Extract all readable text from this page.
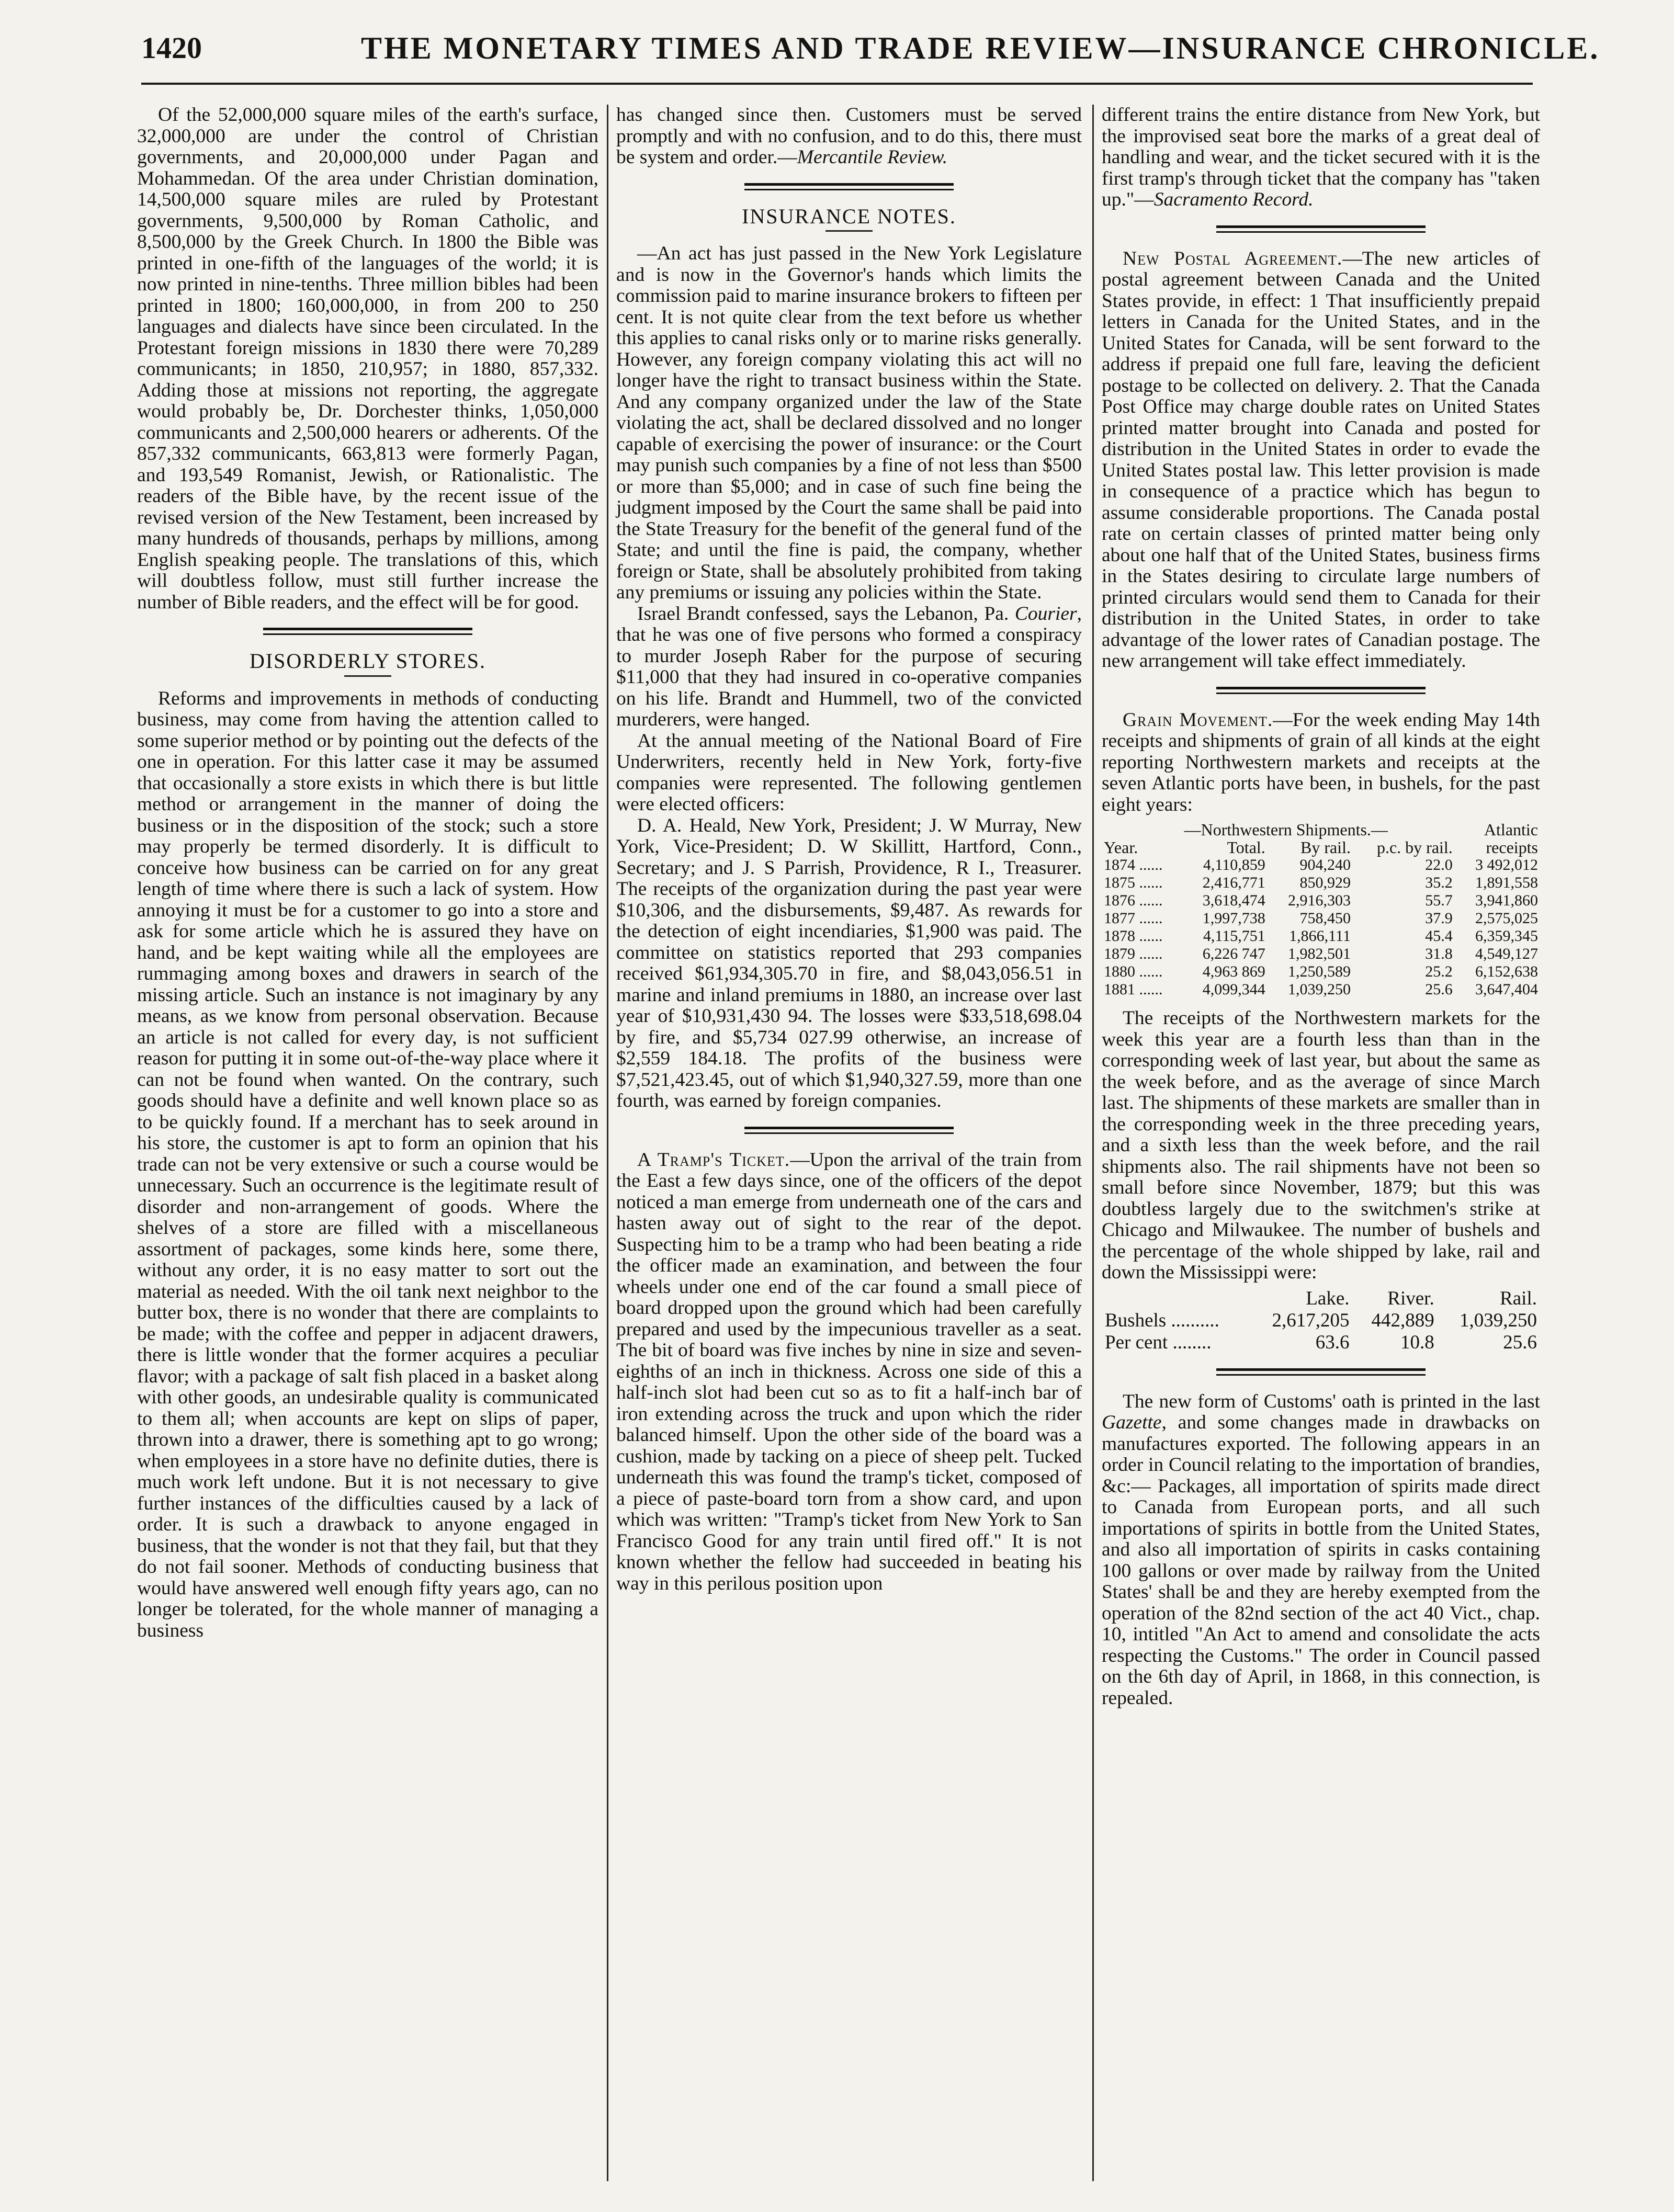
1420	THE MONETARY TIMES AND TRADE REVIEW—INSURANCE CHRONICLE.

Of the 52,000,000 square miles of the earth's surface, 32,000,000 are under the control of Christian governments, and 20,000,000 under Pagan and Mohammedan. Of the area under Christian domination, 14,500,000 square miles are ruled by Protestant governments, 9,500,000 by Roman Catholic, and 8,500,000 by the Greek Church. In 1800 the Bible was printed in one-fifth of the languages of the world; it is now printed in nine-tenths. Three million bibles had been printed in 1800; 160,000,000, in from 200 to 250 languages and dialects have since been circulated. In the Protestant foreign missions in 1830 there were 70,289 communicants; in 1850, 210,957; in 1880, 857,332. Adding those at missions not reporting, the aggregate would probably be, Dr. Dorchester thinks, 1,050,000 communicants and 2,500,000 hearers or adherents. Of the 857,332 communicants, 663,813 were formerly Pagan, and 193,549 Romanist, Jewish, or Rationalistic. The readers of the Bible have, by the recent issue of the revised version of the New Testament, been increased by many hundreds of thousands, perhaps by millions, among English speaking people. The translations of this, which will doubtless follow, must still further increase the number of Bible readers, and the effect will be for good.

DISORDERLY STORES.

Reforms and improvements in methods of conducting business, may come from having the attention called to some superior method or by pointing out the defects of the one in operation. For this latter case it may be assumed that occasionally a store exists in which there is but little method or arrangement in the manner of doing the business or in the disposition of the stock; such a store may properly be termed disorderly. It is difficult to conceive how business can be carried on for any great length of time where there is such a lack of system. How annoying it must be for a customer to go into a store and ask for some article which he is assured they have on hand, and be kept waiting while all the employees are rummaging among boxes and drawers in search of the missing article. Such an instance is not imaginary by any means, as we know from personal observation. Because an article is not called for every day, is not sufficient reason for putting it in some out-of-the-way place where it can not be found when wanted. On the contrary, such goods should have a definite and well known place so as to be quickly found. If a merchant has to seek around in his store, the customer is apt to form an opinion that his trade can not be very extensive or such a course would be unnecessary. Such an occurrence is the legitimate result of disorder and non-arrangement of goods. Where the shelves of a store are filled with a miscellaneous assortment of packages, some kinds here, some there, without any order, it is no easy matter to sort out the material as needed. With the oil tank next neighbor to the butter box, there is no wonder that there are complaints to be made; with the coffee and pepper in adjacent drawers, there is little wonder that the former acquires a peculiar flavor; with a package of salt fish placed in a basket along with other goods, an undesirable quality is communicated to them all; when accounts are kept on slips of paper, thrown into a drawer, there is something apt to go wrong; when employees in a store have no definite duties, there is much work left undone. But it is not necessary to give further instances of the difficulties caused by a lack of order. It is such a drawback to anyone engaged in business, that the wonder is not that they fail, but that they do not fail sooner. Methods of conducting business that would have answered well enough fifty years ago, can no longer be tolerated, for the whole manner of managing a business

has changed since then. Customers must be served promptly and with no confusion, and to do this, there must be system and order.—Mercantile Review.

INSURANCE NOTES.

—An act has just passed in the New York Legislature and is now in the Governor's hands which limits the commission paid to marine insurance brokers to fifteen per cent. It is not quite clear from the text before us whether this applies to canal risks only or to marine risks generally. However, any foreign company violating this act will no longer have the right to transact business within the State. And any company organized under the law of the State violating the act, shall be declared dissolved and no longer capable of exercising the power of insurance: or the Court may punish such companies by a fine of not less than $500 or more than $5,000; and in case of such fine being the judgment imposed by the Court the same shall be paid into the State Treasury for the benefit of the general fund of the State; and until the fine is paid, the company, whether foreign or State, shall be absolutely prohibited from taking any premiums or issuing any policies within the State.

Israel Brandt confessed, says the Lebanon, Pa. Courier, that he was one of five persons who formed a conspiracy to murder Joseph Raber for the purpose of securing $11,000 that they had insured in co-operative companies on his life. Brandt and Hummell, two of the convicted murderers, were hanged.

At the annual meeting of the National Board of Fire Underwriters, recently held in New York, forty-five companies were represented. The following gentlemen were elected officers:

D. A. Heald, New York, President; J. W Murray, New York, Vice-President; D. W Skillitt, Hartford, Conn., Secretary; and J. S Parrish, Providence, R I., Treasurer. The receipts of the organization during the past year were $10,306, and the disbursements, $9,487. As rewards for the detection of eight incendiaries, $1,900 was paid. The committee on statistics reported that 293 companies received $61,934,305.70 in fire, and $8,043,056.51 in marine and inland premiums in 1880, an increase over last year of $10,931,430 94. The losses were $33,518,698.04 by fire, and $5,734 027.99 otherwise, an increase of $2,559 184.18. The profits of the business were $7,521,423.45, out of which $1,940,327.59, more than one fourth, was earned by foreign companies.

A Tramp's Ticket.—Upon the arrival of the train from the East a few days since, one of the officers of the depot noticed a man emerge from underneath one of the cars and hasten away out of sight to the rear of the depot. Suspecting him to be a tramp who had been beating a ride the officer made an examination, and between the four wheels under one end of the car found a small piece of board dropped upon the ground which had been carefully prepared and used by the impecunious traveller as a seat. The bit of board was five inches by nine in size and seven-eighths of an inch in thickness. Across one side of this a half-inch slot had been cut so as to fit a half-inch bar of iron extending across the truck and upon which the rider balanced himself. Upon the other side of the board was a cushion, made by tacking on a piece of sheep pelt. Tucked underneath this was found the tramp's ticket, composed of a piece of paste-board torn from a show card, and upon which was written: "Tramp's ticket from New York to San Francisco Good for any train until fired off." It is not known whether the fellow had succeeded in beating his way in this perilous position upon

different trains the entire distance from New York, but the improvised seat bore the marks of a great deal of handling and wear, and the ticket secured with it is the first tramp's through ticket that the company has "taken up."—Sacramento Record.

New Postal Agreement.—The new articles of postal agreement between Canada and the United States provide, in effect: 1 That insufficiently prepaid letters in Canada for the United States, and in the United States for Canada, will be sent forward to the address if prepaid one full fare, leaving the deficient postage to be collected on delivery. 2. That the Canada Post Office may charge double rates on United States printed matter brought into Canada and posted for distribution in the United States in order to evade the United States postal law. This letter provision is made in consequence of a practice which has begun to assume considerable proportions. The Canada postal rate on certain classes of printed matter being only about one half that of the United States, business firms in the States desiring to circulate large numbers of printed circulars would send them to Canada for their distribution in the United States, in order to take advantage of the lower rates of Canadian postage. The new arrangement will take effect immediately.

Grain Movement.—For the week ending May 14th receipts and shipments of grain of all kinds at the eight reporting Northwestern markets and receipts at the seven Atlantic ports have been, in bushels, for the past eight years:

	—Northwestern Shipments.—			Atlantic
Year.	Total.	By rail.	p.c. by rail.	receipts
1874 ......	4,110,859	904,240	22.0	3 492,012
1875 ......	2,416,771	850,929	35.2	1,891,558
1876 ......	3,618,474	2,916,303	55.7	3,941,860
1877 ......	1,997,738	758,450	37.9	2,575,025
1878 ......	4,115,751	1,866,111	45.4	6,359,345
1879 ......	6,226 747	1,982,501	31.8	4,549,127
1880 ......	4,963 869	1,250,589	25.2	6,152,638
1881 ......	4,099,344	1,039,250	25.6	3,647,404

The receipts of the Northwestern markets for the week this year are a fourth less than than in the corresponding week of last year, but about the same as the week before, and as the average of since March last. The shipments of these markets are smaller than in the corresponding week in the three preceding years, and a sixth less than the week before, and the rail shipments also. The rail shipments have not been so small before since November, 1879; but this was doubtless largely due to the switchmen's strike at Chicago and Milwaukee. The number of bushels and the percentage of the whole shipped by lake, rail and down the Mississippi were:

	Lake.	River.	Rail.
Bushels ..........	2,617,205	442,889	1,039,250
Per cent ........	63.6	10.8	25.6

The new form of Customs' oath is printed in the last Gazette, and some changes made in drawbacks on manufactures exported. The following appears in an order in Council relating to the importation of brandies, &c:— Packages, all importation of spirits made direct to Canada from European ports, and all such importations of spirits in bottle from the United States, and also all importation of spirits in casks containing 100 gallons or over made by railway from the United States' shall be and they are hereby exempted from the operation of the 82nd section of the act 40 Vict., chap. 10, intitled "An Act to amend and consolidate the acts respecting the Customs." The order in Council passed on the 6th day of April, in 1868, in this connection, is repealed.
